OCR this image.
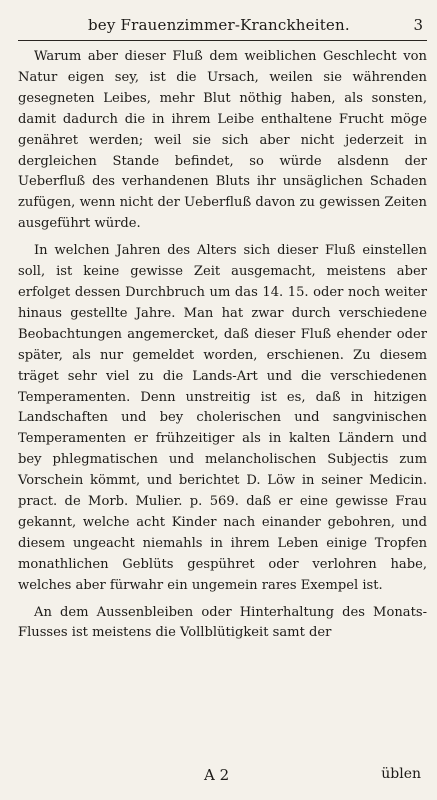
bey Frauenzimmer-Kranckheiten.	3

Warum aber dieser Fluß dem weiblichen Geschlecht von Natur eigen sey, ist die Ursach, weilen sie währenden gesegneten Leibes, mehr Blut nöthig haben, als sonsten, damit dadurch die in ihrem Leibe enthaltene Frucht möge genähret werden; weil sie sich aber nicht jederzeit in dergleichen Stande befindet, so würde alsdenn der Ueberfluß des verhandenen Bluts ihr unsäglichen Schaden zufügen, wenn nicht der Ueberfluß davon zu gewissen Zeiten ausgeführt würde.

In welchen Jahren des Alters sich dieser Fluß einstellen soll, ist keine gewisse Zeit ausgemacht, meistens aber erfolget dessen Durchbruch um das 14. 15. oder noch weiter hinaus gestellte Jahre. Man hat zwar durch verschiedene Beobachtungen angemercket, daß dieser Fluß ehender oder später, als nur gemeldet worden, erschienen. Zu diesem träget sehr viel zu die Lands-Art und die verschiedenen Temperamenten. Denn unstreitig ist es, daß in hitzigen Landschaften und bey cholerischen und sangvinischen Temperamenten er frühzeitiger als in kalten Ländern und bey phlegmatischen und melancholischen Subjectis zum Vorschein kömmt, und berichtet D. Löw in seiner Medicin. pract. de Morb. Mulier. p. 569. daß er eine gewisse Frau gekannt, welche acht Kinder nach einander gebohren, und diesem ungeacht niemahls in ihrem Leben einige Tropfen monathlichen Geblüts gespühret oder verlohren habe, welches aber fürwahr ein ungemein rares Exempel ist.

An dem Aussenbleiben oder Hinterhaltung des Monats-Flusses ist meistens die Vollblütigkeit samt der

A 2	üblen
